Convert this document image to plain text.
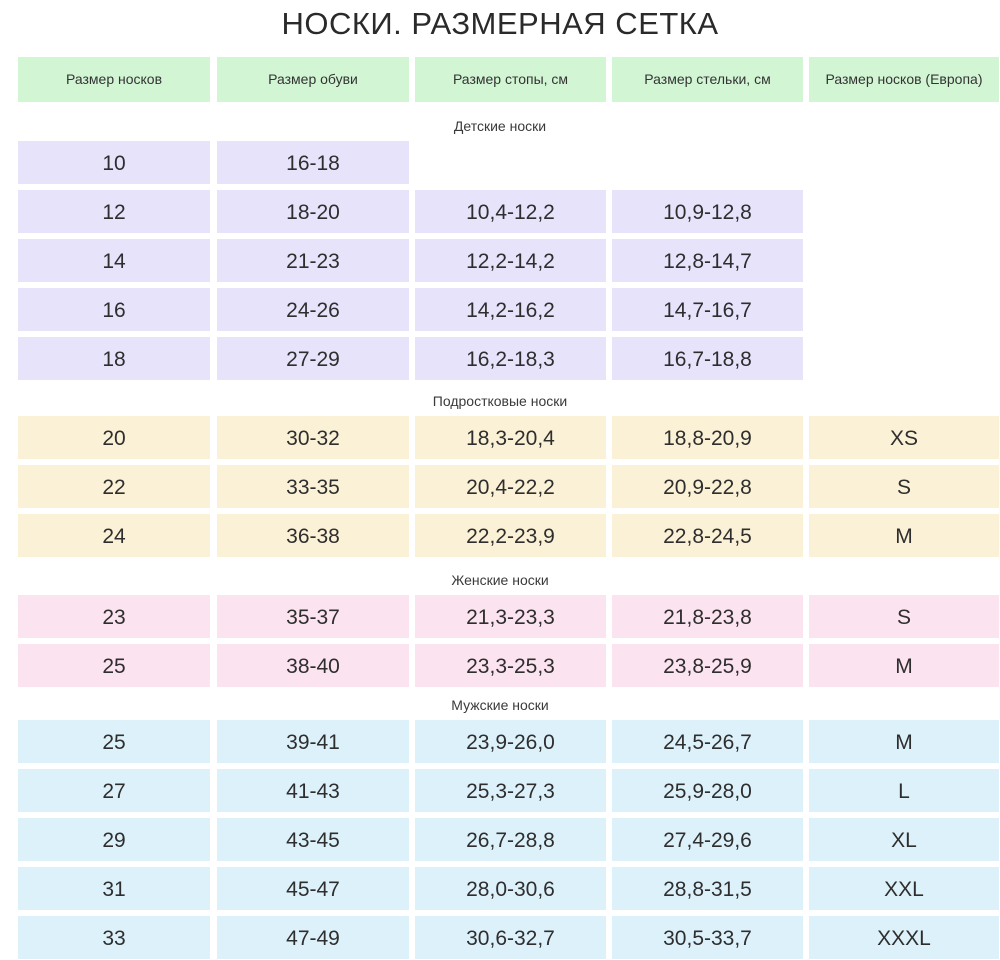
НОСКИ. РАЗМЕРНАЯ СЕТКА
Размер носков	Размер обуви	Размер стопы, см	Размер стельки, см	Размер носков (Европа)
Детские носки
10	16-18
12	18-20	10,4-12,2	10,9-12,8
14	21-23	12,2-14,2	12,8-14,7
16	24-26	14,2-16,2	14,7-16,7
18	27-29	16,2-18,3	16,7-18,8
Подростковые носки
20	30-32	18,3-20,4	18,8-20,9	XS
22	33-35	20,4-22,2	20,9-22,8	S
24	36-38	22,2-23,9	22,8-24,5	M
Женские носки
23	35-37	21,3-23,3	21,8-23,8	S
25	38-40	23,3-25,3	23,8-25,9	M
Мужские носки
25	39-41	23,9-26,0	24,5-26,7	M
27	41-43	25,3-27,3	25,9-28,0	L
29	43-45	26,7-28,8	27,4-29,6	XL
31	45-47	28,0-30,6	28,8-31,5	XXL
33	47-49	30,6-32,7	30,5-33,7	XXXL
